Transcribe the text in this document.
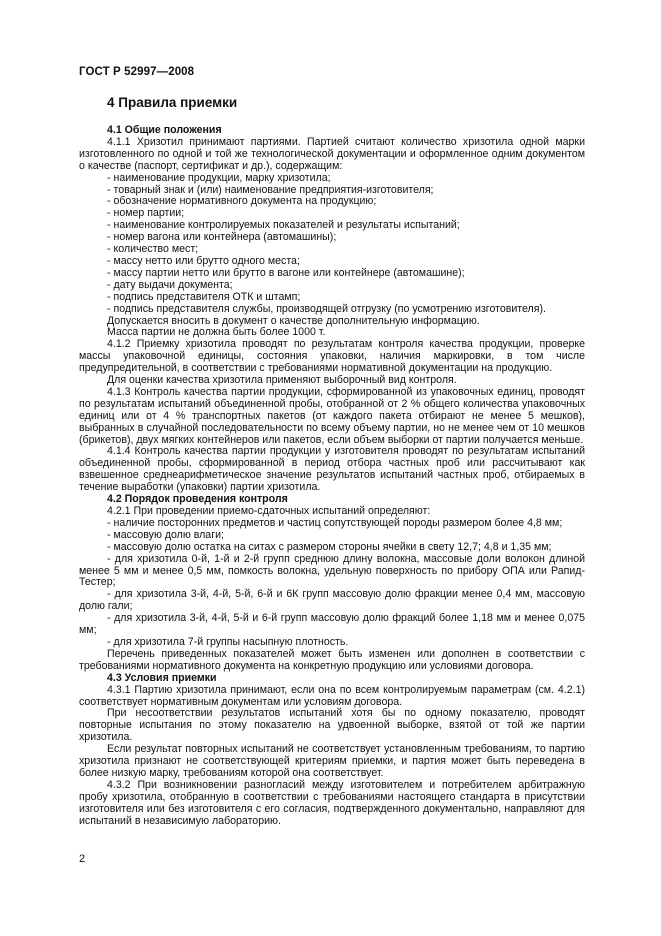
ГОСТ Р 52997—2008
4 Правила приемки
4.1 Общие положения
4.1.1 Хризотил принимают партиями. Партией считают количество хризотила одной марки изготовленного по одной и той же технологической документации и оформленное одним документом о качестве (паспорт, сертификат и др.), содержащим:
- наименование продукции, марку хризотила;
- товарный знак и (или) наименование предприятия-изготовителя;
- обозначение нормативного документа на продукцию;
- номер партии;
- наименование контролируемых показателей и результаты испытаний;
- номер вагона или контейнера (автомашины);
- количество мест;
- массу нетто или брутто одного места;
- массу партии нетто или брутто в вагоне или контейнере (автомашине);
- дату выдачи документа;
- подпись представителя ОТК и штамп;
- подпись представителя службы, производящей отгрузку (по усмотрению изготовителя).
Допускается вносить в документ о качестве дополнительную информацию.
Масса партии не должна быть более 1000 т.
4.1.2 Приемку хризотила проводят по результатам контроля качества продукции, проверке массы упаковочной единицы, состояния упаковки, наличия маркировки, в том числе предупредительной, в соответствии с требованиями нормативной документации на продукцию.
Для оценки качества хризотила применяют выборочный вид контроля.
4.1.3 Контроль качества партии продукции, сформированной из упаковочных единиц, проводят по результатам испытаний объединенной пробы, отобранной от 2 % общего количества упаковочных единиц или от 4 % транспортных пакетов (от каждого пакета отбирают не менее 5 мешков), выбранных в случайной последовательности по всему объему партии, но не менее чем от 10 мешков (брикетов), двух мягких контейнеров или пакетов, если объем выборки от партии получается меньше.
4.1.4 Контроль качества партии продукции у изготовителя проводят по результатам испытаний объединенной пробы, сформированной в период отбора частных проб или рассчитывают как взвешенное среднеарифметическое значение результатов испытаний частных проб, отбираемых в течение выработки (упаковки) партии хризотила.
4.2 Порядок проведения контроля
4.2.1 При проведении приемо-сдаточных испытаний определяют:
- наличие посторонних предметов и частиц сопутствующей породы размером более 4,8 мм;
- массовую долю влаги;
- массовую долю остатка на ситах с размером стороны ячейки в свету 12,7; 4,8 и 1,35 мм;
- для хризотила 0-й, 1-й и 2-й групп среднюю длину волокна, массовые доли волокон длиной менее 5 мм и менее 0,5 мм, помкость волокна, удельную поверхность по прибору ОПА или Рапид-Тестер;
- для хризотила 3-й, 4-й, 5-й, 6-й и 6К групп массовую долю фракции менее 0,4 мм, массовую долю гали;
- для хризотила 3-й, 4-й, 5-й и 6-й групп массовую долю фракций более 1,18 мм и менее 0,075 мм;
- для хризотила 7-й группы насыпную плотность.
Перечень приведенных показателей может быть изменен или дополнен в соответствии с требованиями нормативного документа на конкретную продукцию или условиями договора.
4.3 Условия приемки
4.3.1 Партию хризотила принимают, если она по всем контролируемым параметрам (см. 4.2.1) соответствует нормативным документам или условиям договора.
При несоответствии результатов испытаний хотя бы по одному показателю, проводят повторные испытания по этому показателю на удвоенной выборке, взятой от той же партии хризотила.
Если результат повторных испытаний не соответствует установленным требованиям, то партию хризотила признают не соответствующей критериям приемки, и партия может быть переведена в более низкую марку, требованиям которой она соответствует.
4.3.2 При возникновении разногласий между изготовителем и потребителем арбитражную пробу хризотила, отобранную в соответствии с требованиями настоящего стандарта в присутствии изготовителя или без изготовителя с его согласия, подтвержденного документально, направляют для испытаний в независимую лабораторию.
2
